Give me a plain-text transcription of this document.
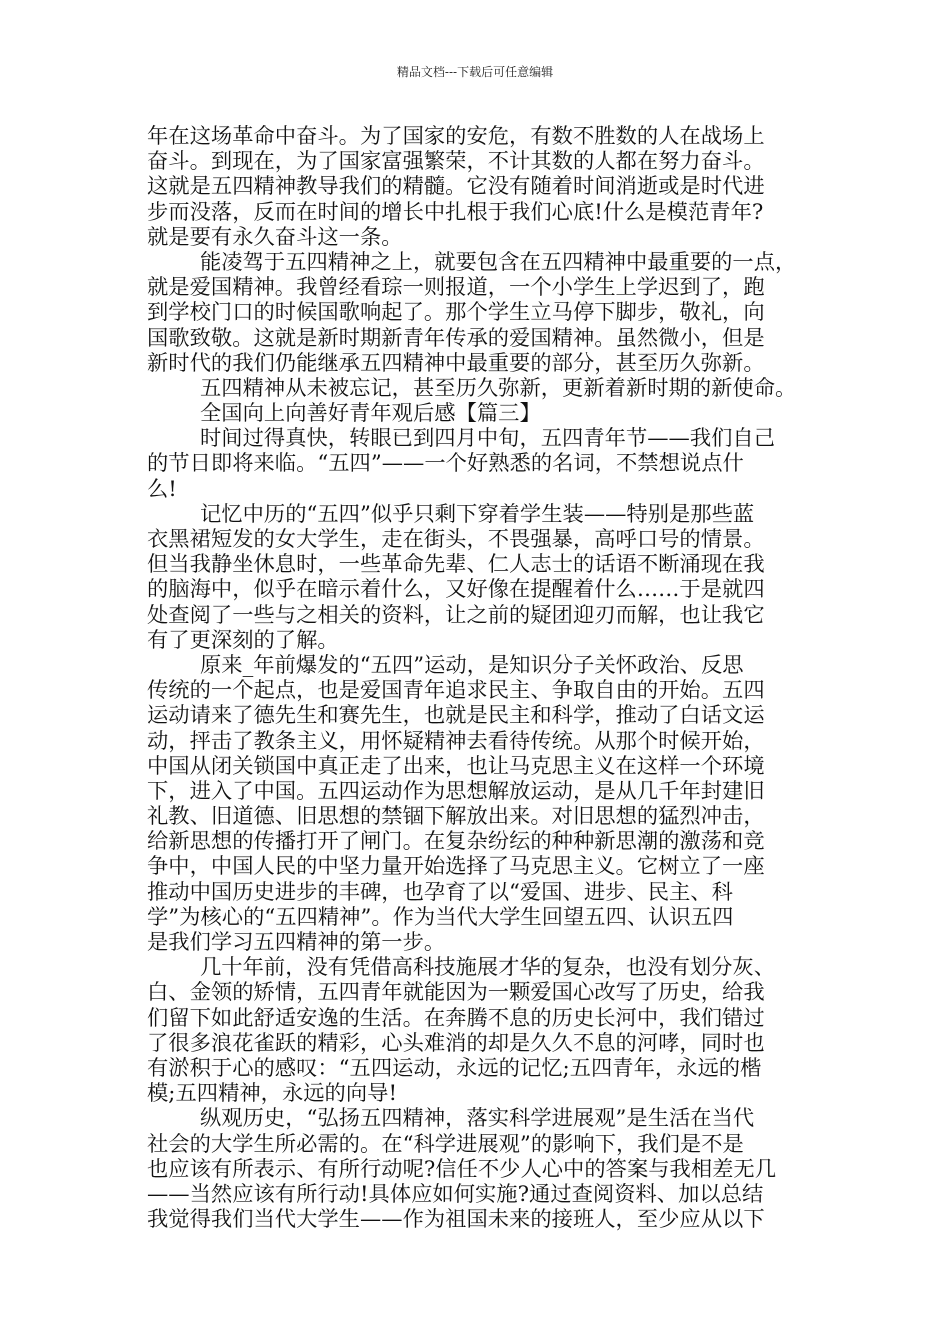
精品文档---下载后可任意编辑
年在这场革命中奋斗。为了国家的安危，有数不胜数的人在战场上
奋斗。到现在，为了国家富强繁荣，不计其数的人都在努力奋斗。
这就是五四精神教导我们的精髓。它没有随着时间消逝或是时代进
步而没落，反而在时间的增长中扎根于我们心底!什么是模范青年?
就是要有永久奋斗这一条。
能凌驾于五四精神之上，就要包含在五四精神中最重要的一点，
就是爱国精神。我曾经看琮一则报道，一个小学生上学迟到了，跑
到学校门口的时候国歌响起了。那个学生立马停下脚步，敬礼，向
国歌致敬。这就是新时期新青年传承的爱国精神。虽然微小，但是
新时代的我们仍能继承五四精神中最重要的部分，甚至历久弥新。
五四精神从未被忘记，甚至历久弥新，更新着新时期的新使命。
全国向上向善好青年观后感【篇三】
时间过得真快，转眼已到四月中旬，五四青年节——我们自己
的节日即将来临。“五四”——一个好熟悉的名词，不禁想说点什
么!
记忆中历的“五四”似乎只剩下穿着学生装——特别是那些蓝
衣黑裙短发的女大学生，走在街头，不畏强暴，高呼口号的情景。
但当我静坐休息时，一些革命先辈、仁人志士的话语不断涌现在我
的脑海中，似乎在暗示着什么，又好像在提醒着什么……于是就四
处查阅了一些与之相关的资料，让之前的疑团迎刃而解，也让我它
有了更深刻的了解。
原来_年前爆发的“五四”运动，是知识分子关怀政治、反思
传统的一个起点，也是爱国青年追求民主、争取自由的开始。五四
运动请来了德先生和赛先生，也就是民主和科学，推动了白话文运
动，抨击了教条主义，用怀疑精神去看待传统。从那个时候开始，
中国从闭关锁国中真正走了出来，也让马克思主义在这样一个环境
下，进入了中国。五四运动作为思想解放运动，是从几千年封建旧
礼教、旧道德、旧思想的禁锢下解放出来。对旧思想的猛烈冲击，
给新思想的传播打开了闸门。在复杂纷纭的种种新思潮的激荡和竞
争中，中国人民的中坚力量开始选择了马克思主义。它树立了一座
推动中国历史进步的丰碑，也孕育了以“爱国、进步、民主、科
学”为核心的“五四精神”。作为当代大学生回望五四、认识五四
是我们学习五四精神的第一步。
几十年前，没有凭借高科技施展才华的复杂，也没有划分灰、
白、金领的矫情，五四青年就能因为一颗爱国心改写了历史，给我
们留下如此舒适安逸的生活。在奔腾不息的历史长河中，我们错过
了很多浪花雀跃的精彩，心头难消的却是久久不息的河哮，同时也
有淤积于心的感叹：“五四运动，永远的记忆;五四青年，永远的楷
模;五四精神，永远的向导!
纵观历史，“弘扬五四精神，落实科学进展观”是生活在当代
社会的大学生所必需的。在“科学进展观”的影响下，我们是不是
也应该有所表示、有所行动呢?信任不少人心中的答案与我相差无几
——当然应该有所行动!具体应如何实施?通过查阅资料、加以总结
我觉得我们当代大学生——作为祖国未来的接班人，至少应从以下
